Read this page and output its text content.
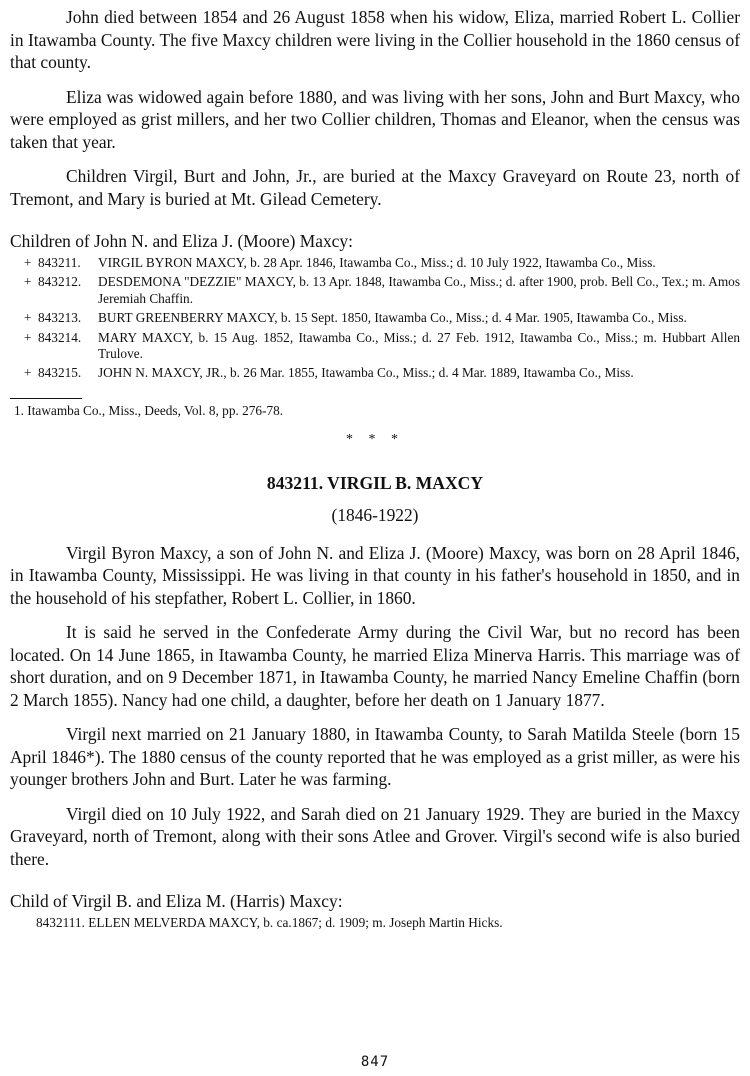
John died between 1854 and 26 August 1858 when his widow, Eliza, married Robert L. Collier in Itawamba County. The five Maxcy children were living in the Collier household in the 1860 census of that county.

Eliza was widowed again before 1880, and was living with her sons, John and Burt Maxcy, who were employed as grist millers, and her two Collier children, Thomas and Eleanor, when the census was taken that year.

Children Virgil, Burt and John, Jr., are buried at the Maxcy Graveyard on Route 23, north of Tremont, and Mary is buried at Mt. Gilead Cemetery.

Children of John N. and Eliza J. (Moore) Maxcy:
+ 843211. VIRGIL BYRON MAXCY, b. 28 Apr. 1846, Itawamba Co., Miss.; d. 10 July 1922, Itawamba Co., Miss.
+ 843212. DESDEMONA "DEZZIE" MAXCY, b. 13 Apr. 1848, Itawamba Co., Miss.; d. after 1900, prob. Bell Co., Tex.; m. Amos Jeremiah Chaffin.
+ 843213. BURT GREENBERRY MAXCY, b. 15 Sept. 1850, Itawamba Co., Miss.; d. 4 Mar. 1905, Itawamba Co., Miss.
+ 843214. MARY MAXCY, b. 15 Aug. 1852, Itawamba Co., Miss.; d. 27 Feb. 1912, Itawamba Co., Miss.; m. Hubbart Allen Trulove.
+ 843215. JOHN N. MAXCY, JR., b. 26 Mar. 1855, Itawamba Co., Miss.; d. 4 Mar. 1889, Itawamba Co., Miss.
1. Itawamba Co., Miss., Deeds, Vol. 8, pp. 276-78.
* * *
843211. VIRGIL B. MAXCY
(1846-1922)

Virgil Byron Maxcy, a son of John N. and Eliza J. (Moore) Maxcy, was born on 28 April 1846, in Itawamba County, Mississippi. He was living in that county in his father's household in 1850, and in the household of his stepfather, Robert L. Collier, in 1860.

It is said he served in the Confederate Army during the Civil War, but no record has been located. On 14 June 1865, in Itawamba County, he married Eliza Minerva Harris. This marriage was of short duration, and on 9 December 1871, in Itawamba County, he married Nancy Emeline Chaffin (born 2 March 1855). Nancy had one child, a daughter, before her death on 1 January 1877.

Virgil next married on 21 January 1880, in Itawamba County, to Sarah Matilda Steele (born 15 April 1846*). The 1880 census of the county reported that he was employed as a grist miller, as were his younger brothers John and Burt. Later he was farming.

Virgil died on 10 July 1922, and Sarah died on 21 January 1929. They are buried in the Maxcy Graveyard, north of Tremont, along with their sons Atlee and Grover. Virgil's second wife is also buried there.

Child of Virgil B. and Eliza M. (Harris) Maxcy:
8432111. ELLEN MELVERDA MAXCY, b. ca.1867; d. 1909; m. Joseph Martin Hicks.
847
